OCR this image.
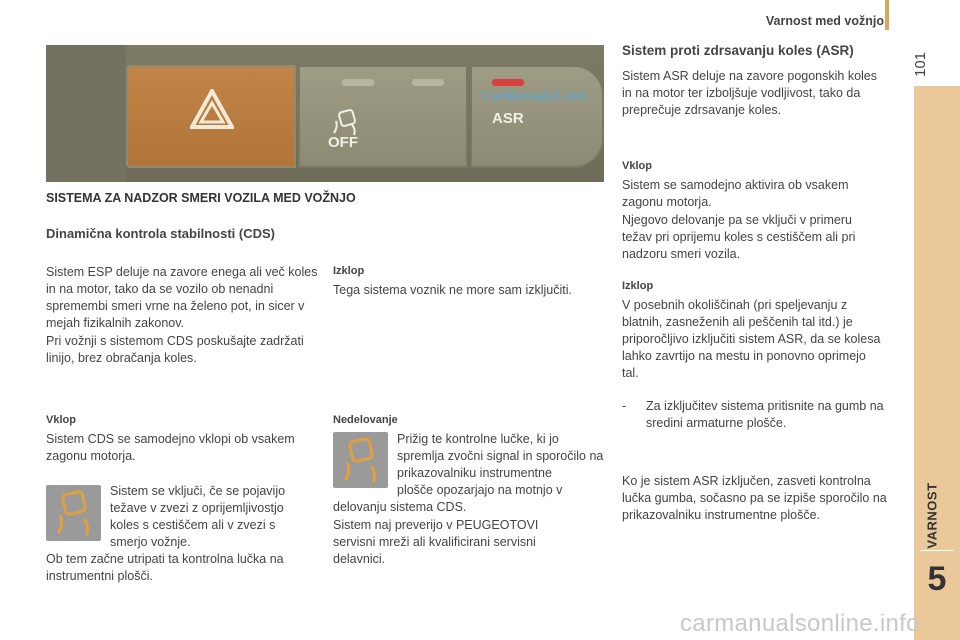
Varnost med vožnjo
101
VARNOST
5
OFF
ASR
CarManuals2.com
SISTEMA ZA NADZOR SMERI VOZILA MED VOŽNJO
Dinamična kontrola stabilnosti (CDS)
Sistem ESP deluje na zavore enega ali več koles in na motor, tako da se vozilo ob nenadni spremembi smeri vrne na želeno pot, in sicer v mejah fizikalnih zakonov.
Pri vožnji s sistemom CDS poskušajte zadržati linijo, brez obračanja koles.
Vklop
Sistem CDS se samodejno vklopi ob vsakem zagonu motorja.
Sistem se vključi, če se pojavijo težave v zvezi z oprijemljivostjo koles s cestiščem ali v zvezi s smerjo vožnje.
Ob tem začne utripati ta kontrolna lučka na instrumentni plošči.
Izklop
Tega sistema voznik ne more sam izključiti.
Nedelovanje
Prižig te kontrolne lučke, ki jo spremlja zvočni signal in sporočilo na prikazovalniku instrumentne
plošče opozarjajo na motnjo v
delovanju sistema CDS.
Sistem naj preverijo v PEUGEOTOVI servisni mreži ali kvalificirani servisni delavnici.
Sistem proti zdrsavanju koles (ASR)
Sistem ASR deluje na zavore pogonskih koles in na motor ter izboljšuje vodljivost, tako da preprečuje zdrsavanje koles.
Vklop
Sistem se samodejno aktivira ob vsakem zagonu motorja.
Njegovo delovanje pa se vključi v primeru težav pri oprijemu koles s cestiščem ali pri nadzoru smeri vozila.
Izklop
V posebnih okoliščinah (pri speljevanju z blatnih, zasneženih ali peščenih tal itd.) je priporočljivo izključiti sistem ASR, da se kolesa lahko zavrtijo na mestu in ponovno oprimejo tal.
-	Za izključitev sistema pritisnite na gumb na sredini armaturne plošče.
Ko je sistem ASR izključen, zasveti kontrolna lučka gumba, sočasno pa se izpiše sporočilo na prikazovalniku instrumentne plošče.
carmanualsonline.info
